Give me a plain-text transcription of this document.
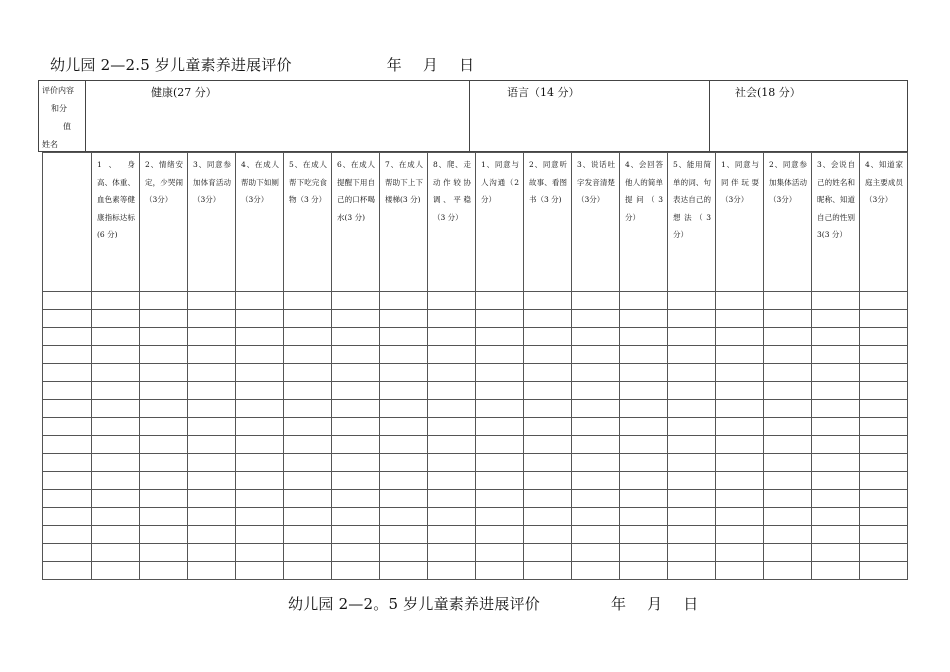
幼儿园 2—2.5 岁儿童素养进展评价	年 月 日
评价内容
和分
值
姓名
健康(27 分）	语言（14 分）	社会(18 分）

	1 、 身高、体重、血色素等健康指标达标(6 分)	2、情绪安定，少哭闹（3分）	3、同意参加体育活动（3分）	4、在成人帮助下如厕（3分）	5、在成人帮下吃完食物（3 分）	6、在成人提醒下用自己的口杯喝水(3 分)	7、在成人帮助下上下楼梯(3 分)	8、爬、走动作较协调、平稳（3 分）	1、同意与人沟通（2 分）	2、同意听故事、看图书（3 分)	3、说话吐字发音清楚（3分）	4、会回答他人的简单提问（3 分）	5、能用简单的词、句表达自己的想法（3分）	1、同意与同伴玩耍（3分）	2、同意参加集体活动（3分）	3、会说自己的姓名和昵称、知道自己的性别 3(3 分）	4、知道家庭主要成员（3分）

幼儿园 2—2。5 岁儿童素养进展评价	年 月 日
